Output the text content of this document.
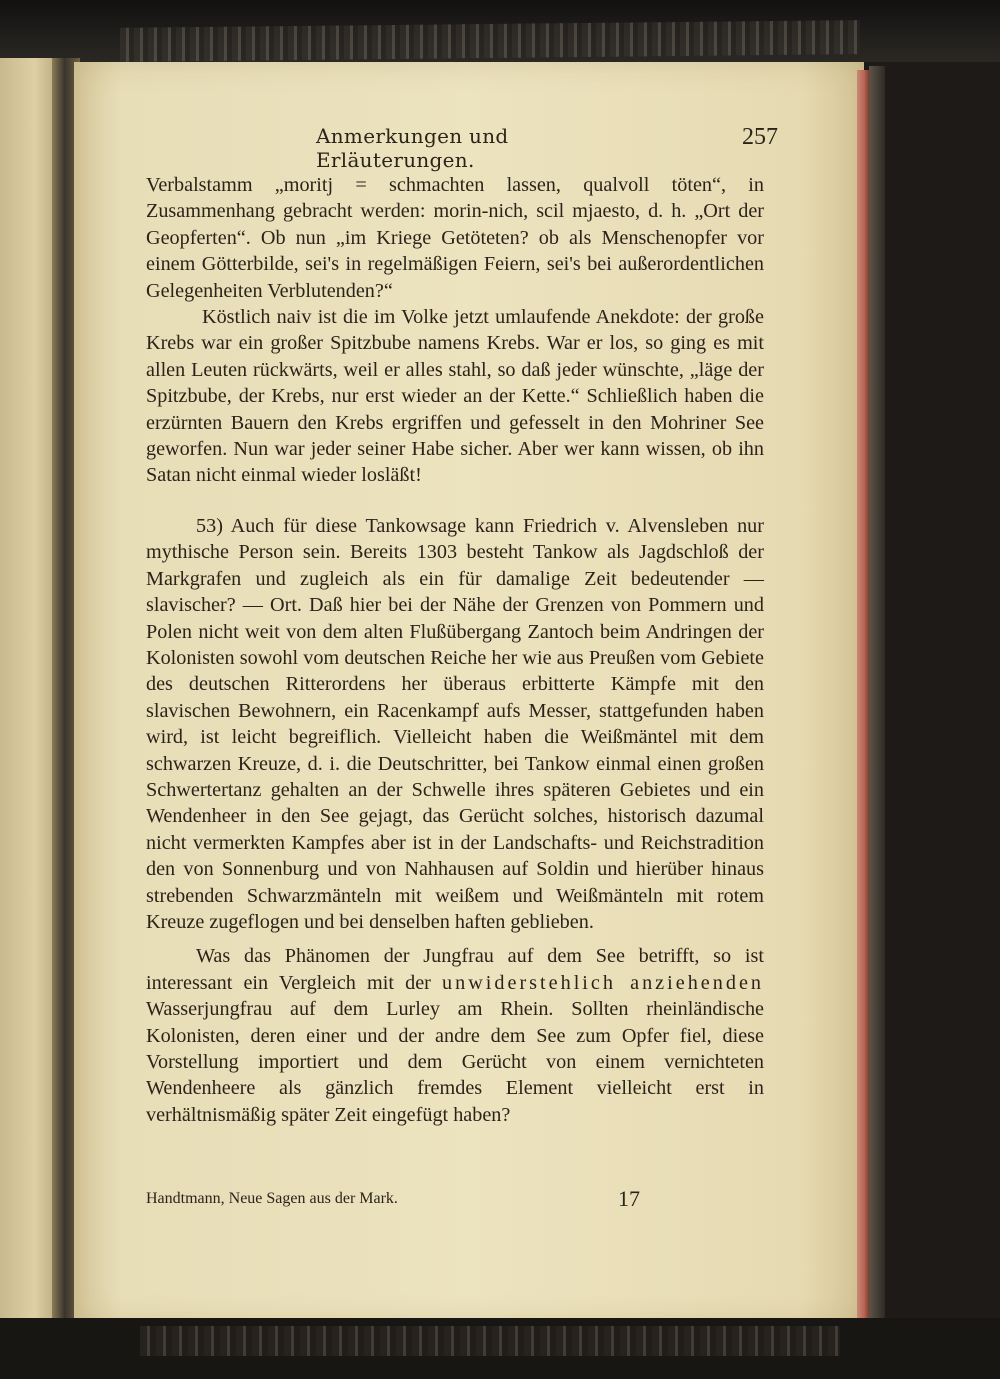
Anmerkungen und Erläuterungen.
257

Verbalstamm „moritj = schmachten lassen, qualvoll töten“, in Zusammenhang gebracht werden: morin-nich, scil mjaesto, d. h. „Ort der Geopferten“. Ob nun „im Kriege Getöteten? ob als Menschenopfer vor einem Götterbilde, sei's in regelmäßigen Feiern, sei's bei außerordentlichen Gelegenheiten Verblutenden?“

Köstlich naiv ist die im Volke jetzt umlaufende Anekdote: der große Krebs war ein großer Spitzbube namens Krebs. War er los, so ging es mit allen Leuten rückwärts, weil er alles stahl, so daß jeder wünschte, „läge der Spitzbube, der Krebs, nur erst wieder an der Kette.“ Schließlich haben die erzürnten Bauern den Krebs ergriffen und gefesselt in den Mohriner See geworfen. Nun war jeder seiner Habe sicher. Aber wer kann wissen, ob ihn Satan nicht einmal wieder losläßt!

53) Auch für diese Tankowsage kann Friedrich v. Alvensleben nur mythische Person sein. Bereits 1303 besteht Tankow als Jagdschloß der Markgrafen und zugleich als ein für damalige Zeit bedeutender — slavischer? — Ort. Daß hier bei der Nähe der Grenzen von Pommern und Polen nicht weit von dem alten Flußübergang Zantoch beim Andringen der Kolonisten sowohl vom deutschen Reiche her wie aus Preußen vom Gebiete des deutschen Ritterordens her überaus erbitterte Kämpfe mit den slavischen Bewohnern, ein Racenkampf aufs Messer, stattgefunden haben wird, ist leicht begreiflich. Vielleicht haben die Weißmäntel mit dem schwarzen Kreuze, d. i. die Deutschritter, bei Tankow einmal einen großen Schwertertanz gehalten an der Schwelle ihres späteren Gebietes und ein Wendenheer in den See gejagt, das Gerücht solches, historisch dazumal nicht vermerkten Kampfes aber ist in der Landschafts- und Reichstradition den von Sonnenburg und von Nahhausen auf Soldin und hierüber hinaus strebenden Schwarzmänteln mit weißem und Weißmänteln mit rotem Kreuze zugeflogen und bei denselben haften geblieben.

Was das Phänomen der Jungfrau auf dem See betrifft, so ist interessant ein Vergleich mit der unwiderstehlich anziehenden Wasserjungfrau auf dem Lurley am Rhein. Sollten rheinländische Kolonisten, deren einer und der andre dem See zum Opfer fiel, diese Vorstellung importiert und dem Gerücht von einem vernichteten Wendenheere als gänzlich fremdes Element vielleicht erst in verhältnismäßig später Zeit eingefügt haben?

Handtmann, Neue Sagen aus der Mark.	17
